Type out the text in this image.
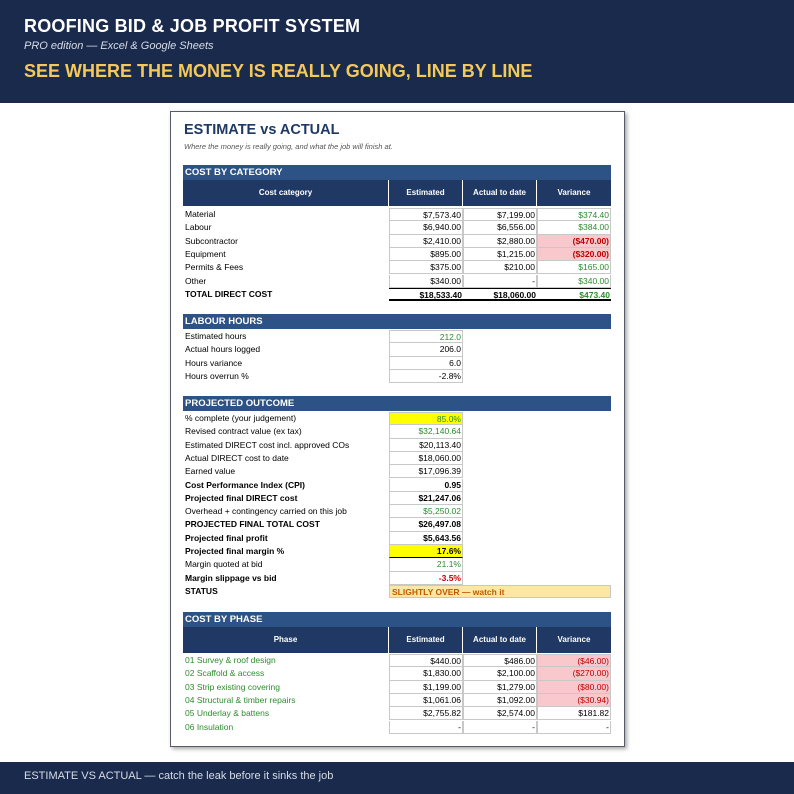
ROOFING BID & JOB PROFIT SYSTEM
PRO edition — Excel & Google Sheets
SEE WHERE THE MONEY IS REALLY GOING, LINE BY LINE
ESTIMATE vs ACTUAL
Where the money is really going, and what the job will finish at.
COST BY CATEGORY
Cost category	Estimated	Actual to date	Variance
Material	$7,573.40	$7,199.00	$374.40
Labour	$6,940.00	$6,556.00	$384.00
Subcontractor	$2,410.00	$2,880.00	($470.00)
Equipment	$895.00	$1,215.00	($320.00)
Permits & Fees	$375.00	$210.00	$165.00
Other	$340.00	-	$340.00
TOTAL DIRECT COST	$18,533.40	$18,060.00	$473.40
LABOUR HOURS
Estimated hours	212.0
Actual hours logged	206.0
Hours variance	6.0
Hours overrun %	-2.8%
PROJECTED OUTCOME
% complete (your judgement)	85.0%
Revised contract value (ex tax)	$32,140.64
Estimated DIRECT cost incl. approved COs	$20,113.40
Actual DIRECT cost to date	$18,060.00
Earned value	$17,096.39
Cost Performance Index (CPI)	0.95
Projected final DIRECT cost	$21,247.06
Overhead + contingency carried on this job	$5,250.02
PROJECTED FINAL TOTAL COST	$26,497.08
Projected final profit	$5,643.56
Projected final margin %	17.6%
Margin quoted at bid	21.1%
Margin slippage vs bid	-3.5%
STATUS	SLIGHTLY OVER — watch it
COST BY PHASE
Phase	Estimated	Actual to date	Variance
01 Survey & roof design	$440.00	$486.00	($46.00)
02 Scaffold & access	$1,830.00	$2,100.00	($270.00)
03 Strip existing covering	$1,199.00	$1,279.00	($80.00)
04 Structural & timber repairs	$1,061.06	$1,092.00	($30.94)
05 Underlay & battens	$2,755.82	$2,574.00	$181.82
06 Insulation	-	-	-
ESTIMATE VS ACTUAL — catch the leak before it sinks the job
